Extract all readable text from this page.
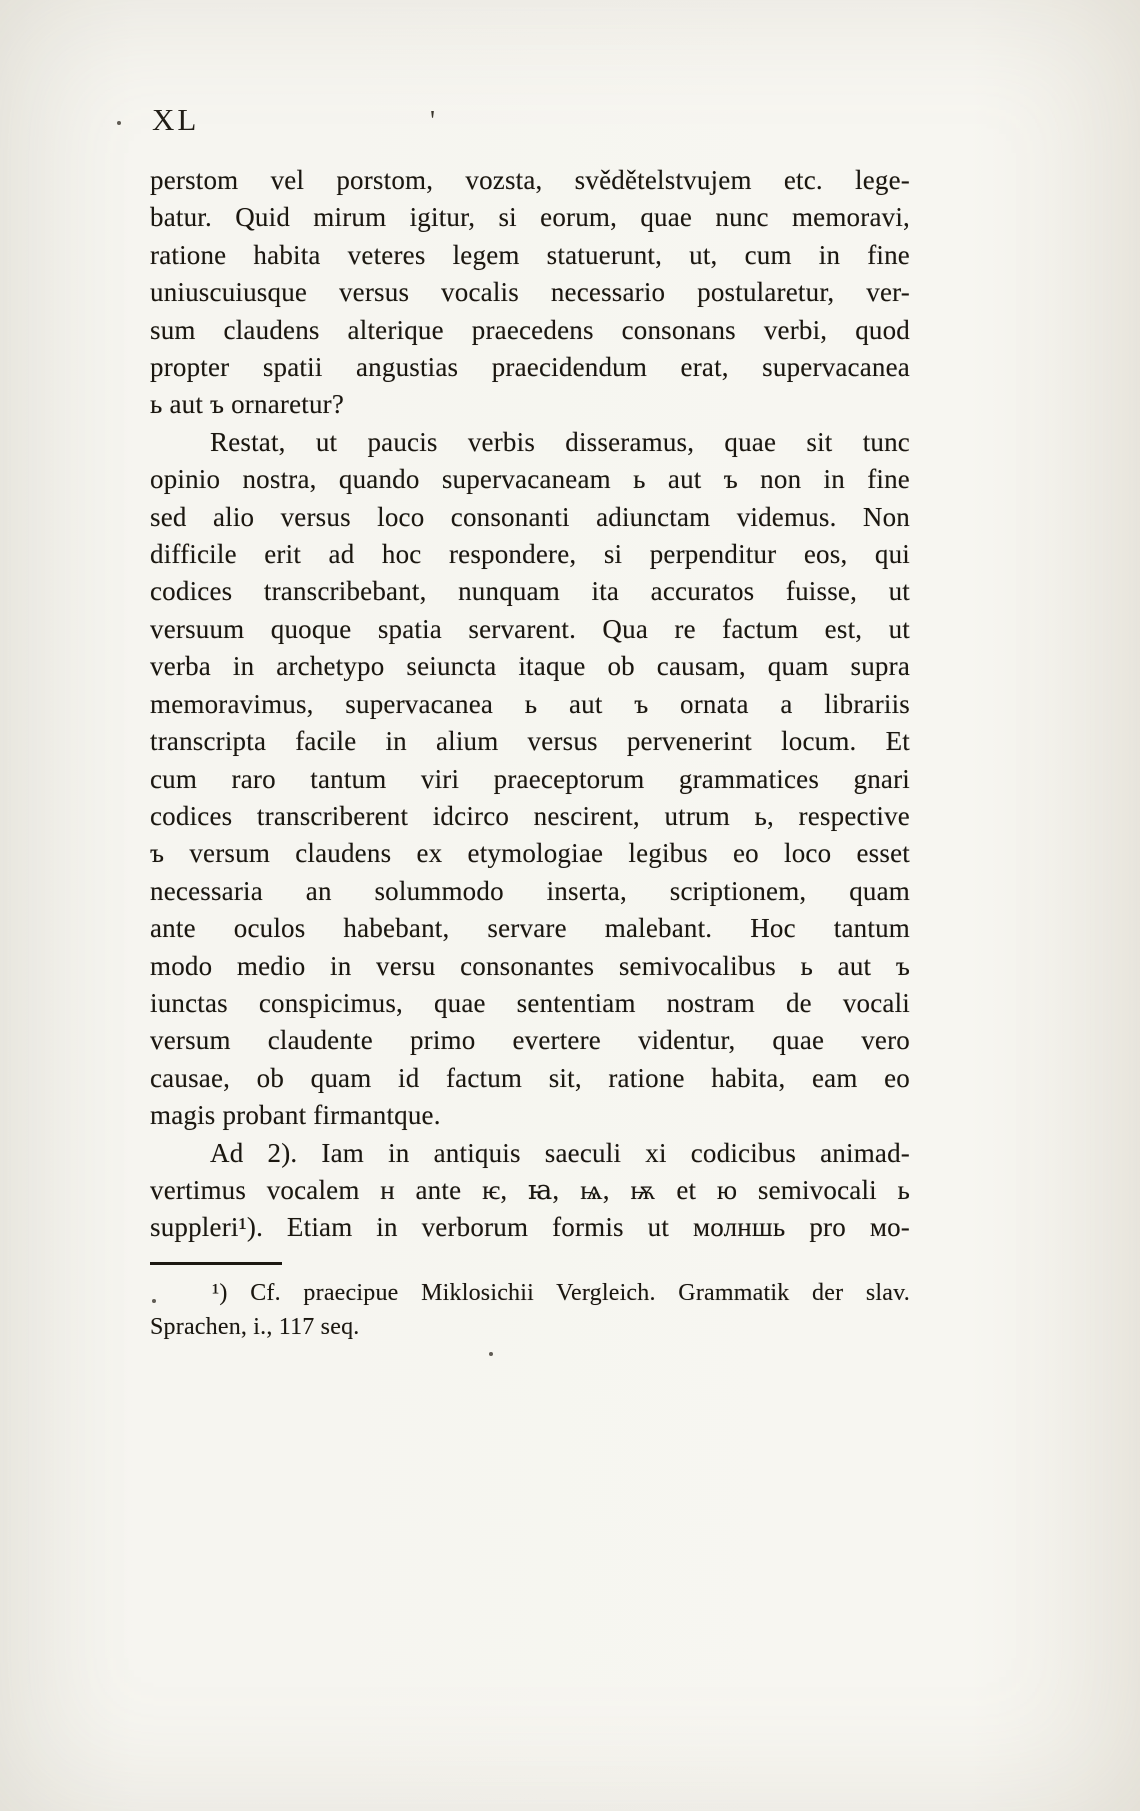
XL	'
perstom vel porstom, vozsta, svědětelstvujem etc. lege-
batur. Quid mirum igitur, si eorum, quae nunc memoravi,
ratione habita veteres legem statuerunt, ut, cum in fine
uniuscuiusque versus vocalis necessario postularetur, ver-
sum claudens alterique praecedens consonans verbi, quod
propter spatii angustias praecidendum erat, supervacanea
ь aut ъ ornaretur?
Restat, ut paucis verbis disseramus, quae sit tunc
opinio nostra, quando supervacaneam ь aut ъ non in fine
sed alio versus loco consonanti adiunctam videmus. Non
difficile erit ad hoc respondere, si perpenditur eos, qui
codices transcribebant, nunquam ita accuratos fuisse, ut
versuum quoque spatia servarent. Qua re factum est, ut
verba in archetypo seiuncta itaque ob causam, quam supra
memoravimus, supervacanea ь aut ъ ornata a librariis
transcripta facile in alium versus pervenerint locum. Et
cum raro tantum viri praeceptorum grammatices gnari
codices transcriberent idcirco nescirent, utrum ь, respective
ъ versum claudens ex etymologiae legibus eo loco esset
necessaria an solummodo inserta, scriptionem, quam
ante oculos habebant, servare malebant. Hoc tantum
modo medio in versu consonantes semivocalibus ь aut ъ
iunctas conspicimus, quae sententiam nostram de vocali
versum claudente primo evertere videntur, quae vero
causae, ob quam id factum sit, ratione habita, eam eo
magis probant firmantque.
Ad 2). Iam in antiquis saeculi xi codicibus animad-
vertimus vocalem н ante ѥ, ꙗ, ѩ, ѭ et ю semivocali ь
suppleri¹). Etiam in verborum formis ut молншь pro мо-
¹) Cf. praecipue Miklosichii Vergleich. Grammatik der slav.
Sprachen, i., 117 seq.
